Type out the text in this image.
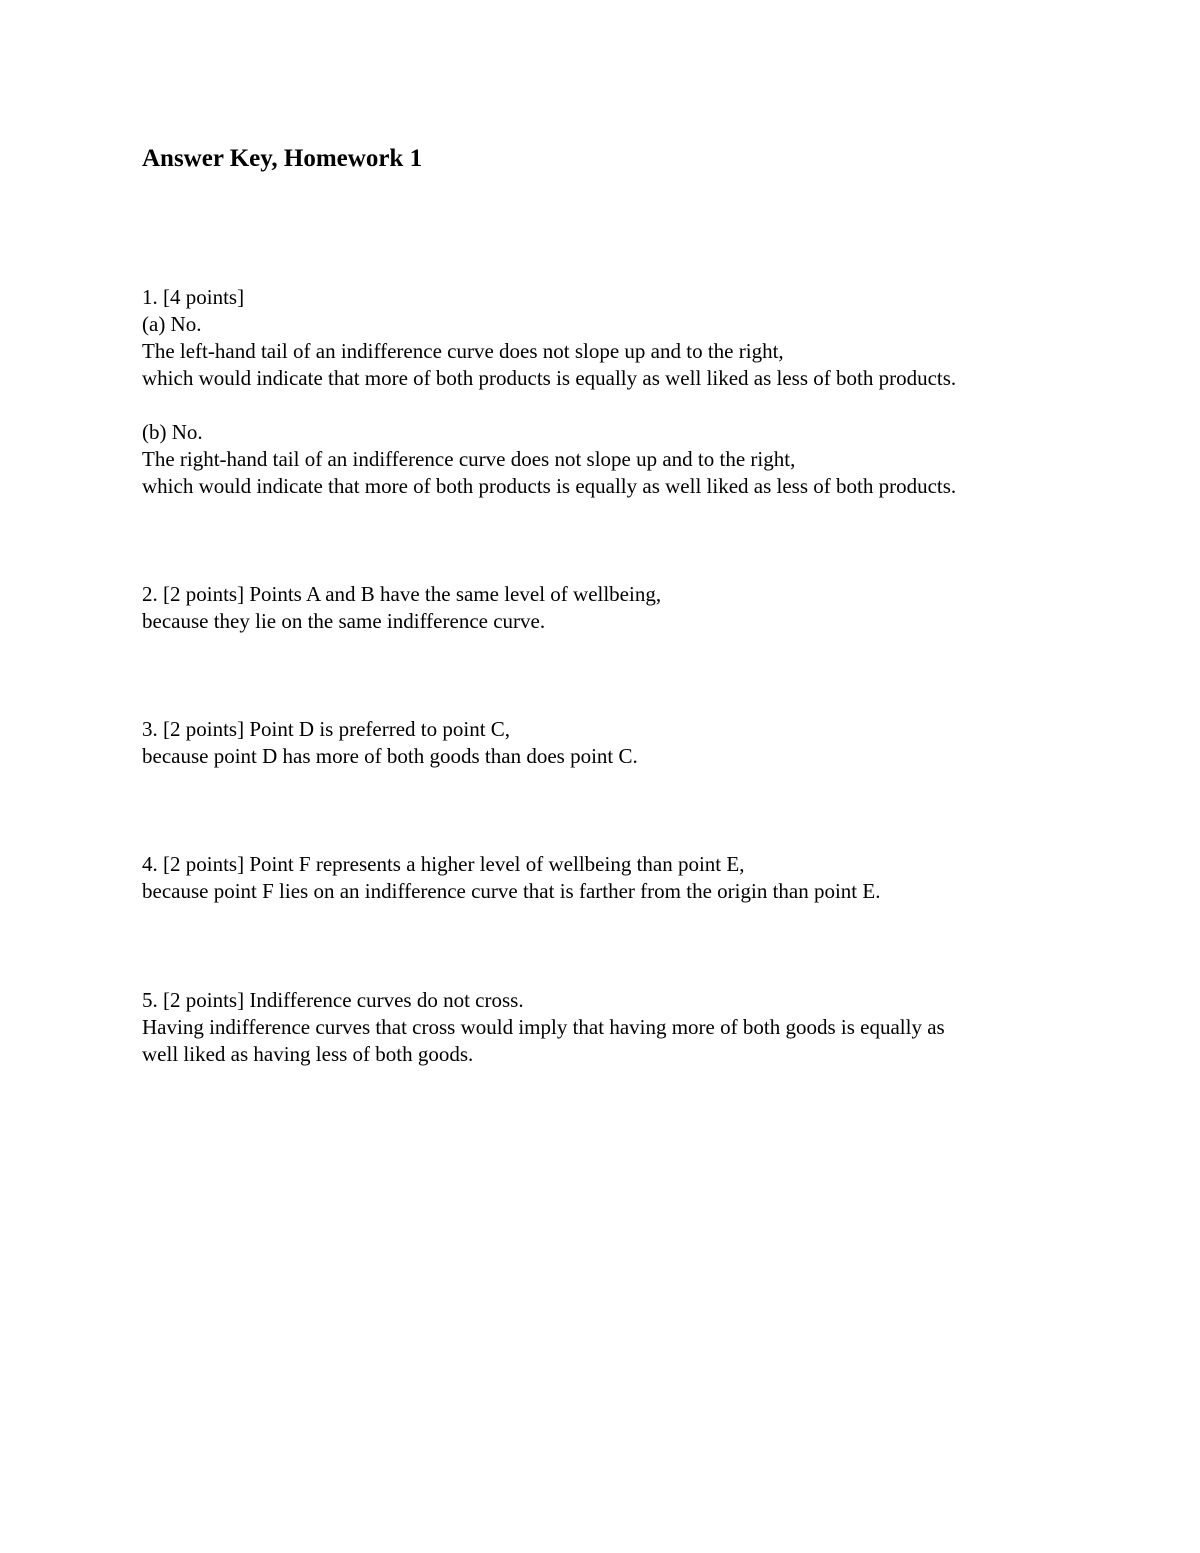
Answer Key, Homework 1

1. [4 points]

(a) No.

The left-hand tail of an indifference curve does not slope up and to the right,

which would indicate that more of both products is equally as well liked as less of both products.

(b) No.

The right-hand tail of an indifference curve does not slope up and to the right,

which would indicate that more of both products is equally as well liked as less of both products.

2. [2 points] Points A and B have the same level of wellbeing,

because they lie on the same indifference curve.

3. [2 points] Point D is preferred to point C,

because point D has more of both goods than does point C.

4. [2 points] Point F represents a higher level of wellbeing than point E,

because point F lies on an indifference curve that is farther from the origin than point E.

5. [2 points] Indifference curves do not cross.

Having indifference curves that cross would imply that having more of both goods is equally as

well liked as having less of both goods.
